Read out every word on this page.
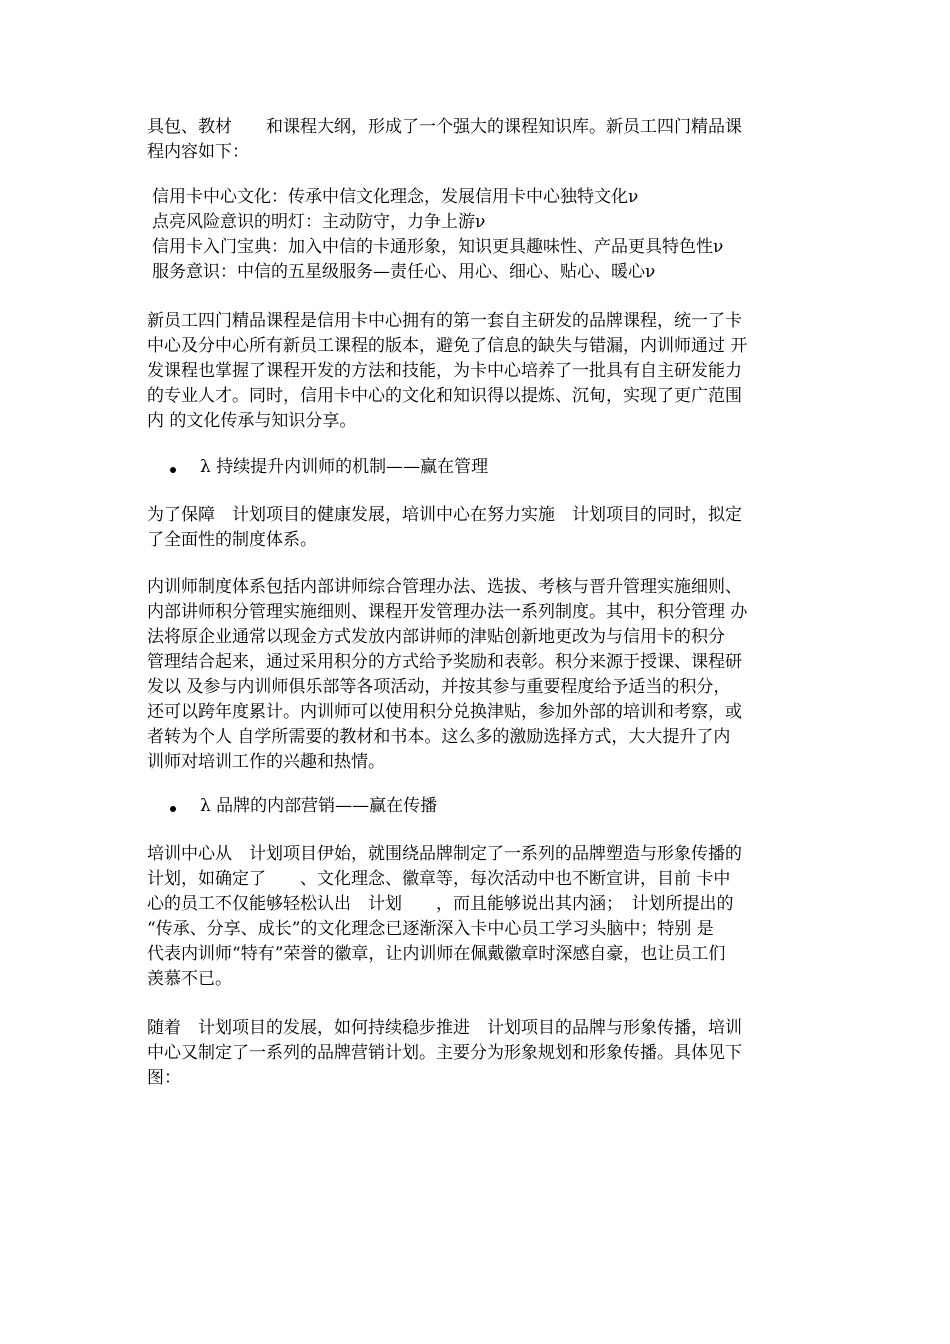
具包、教材　　和课程大纲，形成了一个强大的课程知识库。新员工四门精品课
程内容如下：
信用卡中心文化：传承中信文化理念，发展信用卡中心独特文化ν
点亮风险意识的明灯：主动防守，力争上游ν
信用卡入门宝典：加入中信的卡通形象，知识更具趣味性、产品更具特色性ν
服务意识：中信的五星级服务—责任心、用心、细心、贴心、暖心ν
新员工四门精品课程是信用卡中心拥有的第一套自主研发的品牌课程，统一了卡
中心及分中心所有新员工课程的版本，避免了信息的缺失与错漏，内训师通过 开
发课程也掌握了课程开发的方法和技能，为卡中心培养了一批具有自主研发能力
的专业人才。同时，信用卡中心的文化和知识得以提炼、沉甸，实现了更广范围
内 的文化传承与知识分享。
λ 持续提升内训师的机制——赢在管理
为了保障　计划项目的健康发展，培训中心在努力实施　计划项目的同时，拟定
了全面性的制度体系。
内训师制度体系包括内部讲师综合管理办法、选拔、考核与晋升管理实施细则、
内部讲师积分管理实施细则、课程开发管理办法一系列制度。其中，积分管理 办
法将原企业通常以现金方式发放内部讲师的津贴创新地更改为与信用卡的积分
管理结合起来，通过采用积分的方式给予奖励和表彰。积分来源于授课、课程研
发以 及参与内训师俱乐部等各项活动，并按其参与重要程度给予适当的积分，
还可以跨年度累计。内训师可以使用积分兑换津贴，参加外部的培训和考察，或
者转为个人 自学所需要的教材和书本。这么多的激励选择方式，大大提升了内
训师对培训工作的兴趣和热情。
λ 品牌的内部营销——赢在传播
培训中心从　计划项目伊始，就围绕品牌制定了一系列的品牌塑造与形象传播的
计划，如确定了　　、文化理念、徽章等，每次活动中也不断宣讲，目前 卡中
心的员工不仅能够轻松认出　计划　　，而且能够说出其内涵；　计划所提出的
“传承、分享、成长”的文化理念已逐渐深入卡中心员工学习头脑中；特别 是
代表内训师“特有”荣誉的徽章，让内训师在佩戴徽章时深感自豪，也让员工们
羡慕不已。
随着　计划项目的发展，如何持续稳步推进　计划项目的品牌与形象传播，培训
中心又制定了一系列的品牌营销计划。主要分为形象规划和形象传播。具体见下
图：
